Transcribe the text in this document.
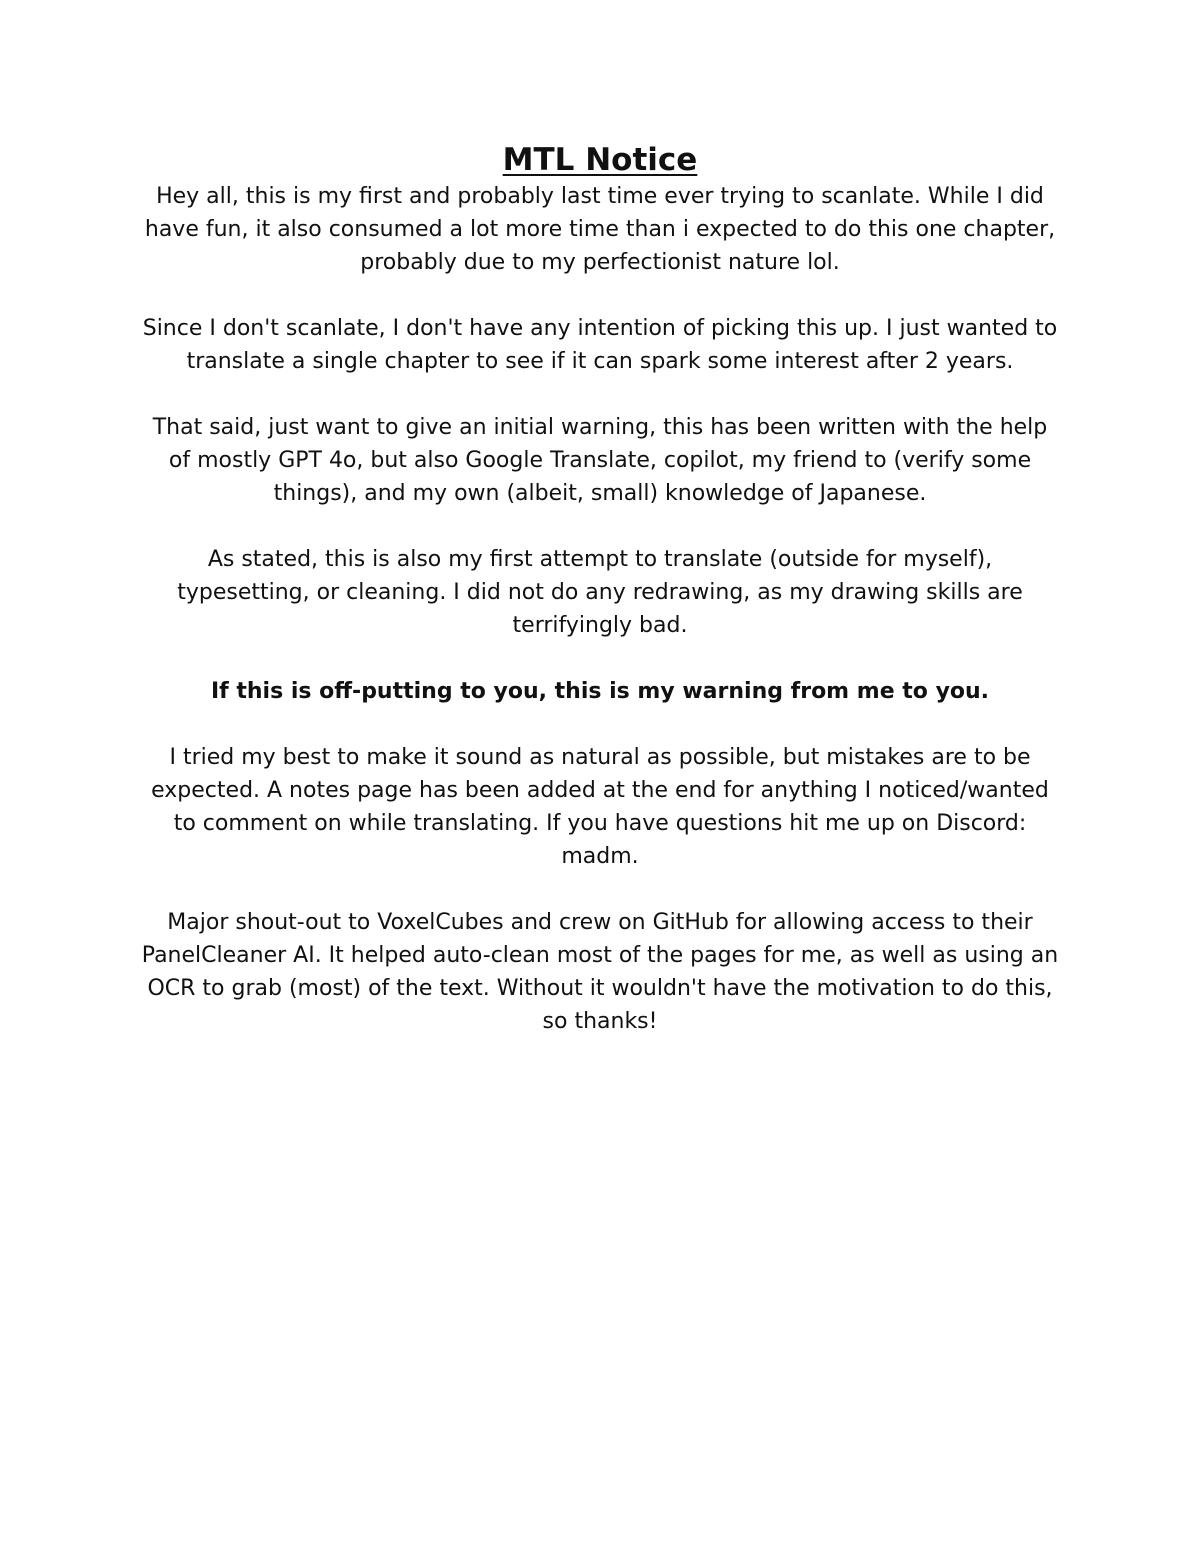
MTL Notice

Hey all, this is my first and probably last time ever trying to scanlate. While I did have fun, it also consumed a lot more time than i expected to do this one chapter, probably due to my perfectionist nature lol.

Since I don't scanlate, I don't have any intention of picking this up. I just wanted to translate a single chapter to see if it can spark some interest after 2 years.

That said, just want to give an initial warning, this has been written with the help of mostly GPT 4o, but also Google Translate, copilot, my friend to (verify some things), and my own (albeit, small) knowledge of Japanese.

As stated, this is also my first attempt to translate (outside for myself), typesetting, or cleaning. I did not do any redrawing, as my drawing skills are terrifyingly bad.

If this is off-putting to you, this is my warning from me to you.

I tried my best to make it sound as natural as possible, but mistakes are to be expected. A notes page has been added at the end for anything I noticed/wanted to comment on while translating. If you have questions hit me up on Discord: madm.

Major shout-out to VoxelCubes and crew on GitHub for allowing access to their PanelCleaner AI. It helped auto-clean most of the pages for me, as well as using an OCR to grab (most) of the text. Without it wouldn't have the motivation to do this, so thanks!
